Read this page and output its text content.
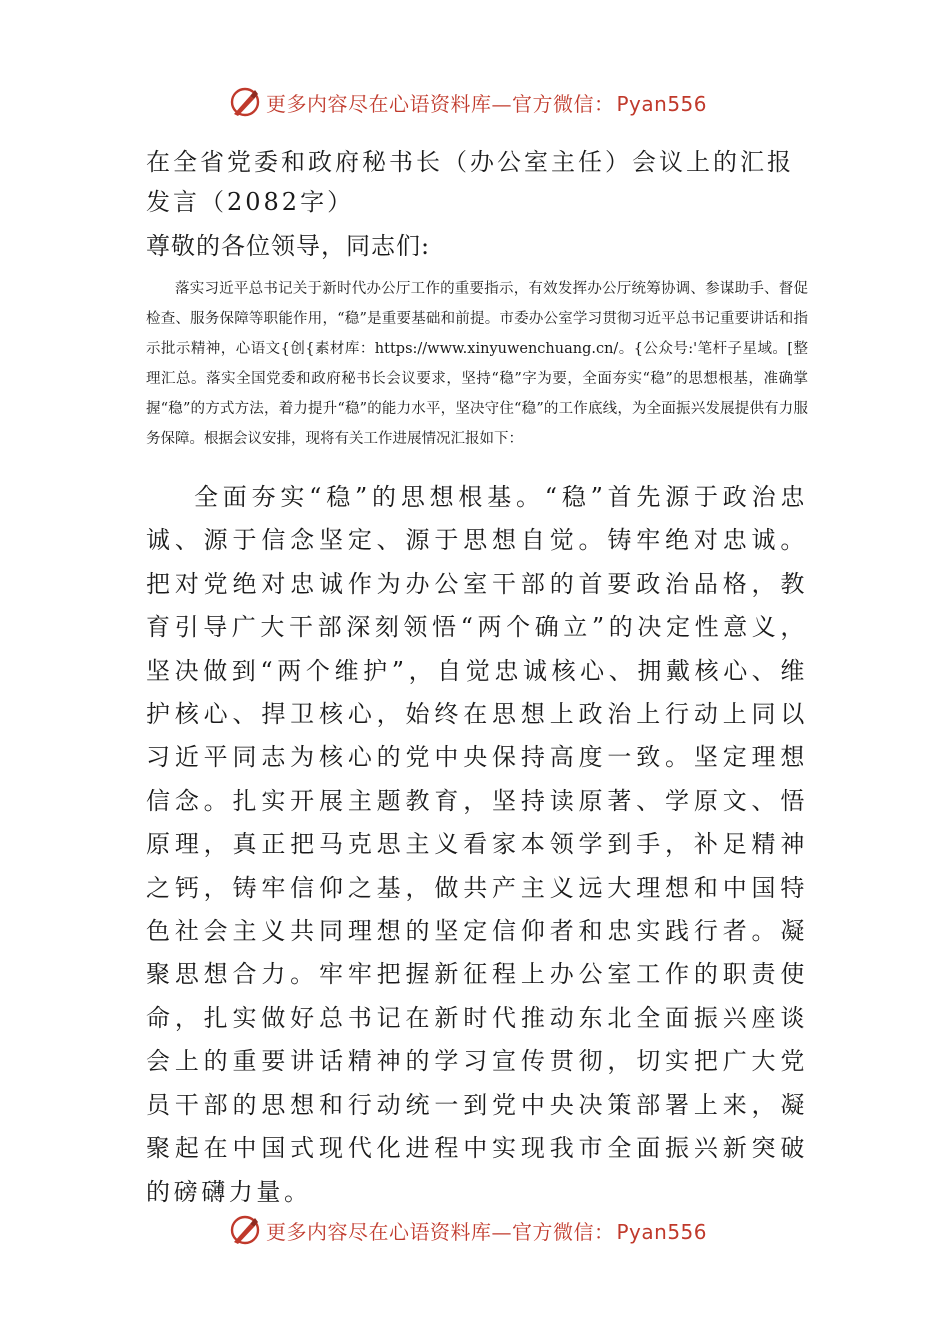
更多内容尽在心语资料库—官方微信： Pyan556
在全省党委和政府秘书长（办公室主任）会议上的汇报发言（2082字）

尊敬的各位领导，同志们:

落实习近平总书记关于新时代办公厅工作的重要指示，有效发挥办公厅统筹协调、参谋助手、督促检查、服务保障等职能作用，“稳”是重要基础和前提。市委办公室学习贯彻习近平总书记重要讲话和指示批示精神，心语文{创{素材库：https://www.xinyuwenchuang.cn/。{公众号:'笔杆子星域。[整理汇总。落实全国党委和政府秘书长会议要求，坚持“稳”字为要，全面夯实“稳”的思想根基，准确掌握“稳”的方式方法，着力提升“稳”的能力水平，坚决守住“稳”的工作底线，为全面振兴发展提供有力服务保障。根据会议安排，现将有关工作进展情况汇报如下：

全面夯实“稳”的思想根基。“稳”首先源于政治忠诚、源于信念坚定、源于思想自觉。铸牢绝对忠诚。把对党绝对忠诚作为办公室干部的首要政治品格，教育引导广大干部深刻领悟“两个确立”的决定性意义，坚决做到“两个维护”，自觉忠诚核心、拥戴核心、维护核心、捍卫核心，始终在思想上政治上行动上同以习近平同志为核心的党中央保持高度一致。坚定理想信念。扎实开展主题教育，坚持读原著、学原文、悟原理，真正把马克思主义看家本领学到手，补足精神之钙，铸牢信仰之基，做共产主义远大理想和中国特色社会主义共同理想的坚定信仰者和忠实践行者。凝聚思想合力。牢牢把握新征程上办公室工作的职责使命，扎实做好总书记在新时代推动东北全面振兴座谈会上的重要讲话精神的学习宣传贯彻，切实把广大党员干部的思想和行动统一到党中央决策部署上来，凝聚起在中国式现代化进程中实现我市全面振兴新突破的磅礴力量。

更多内容尽在心语资料库—官方微信： Pyan556
